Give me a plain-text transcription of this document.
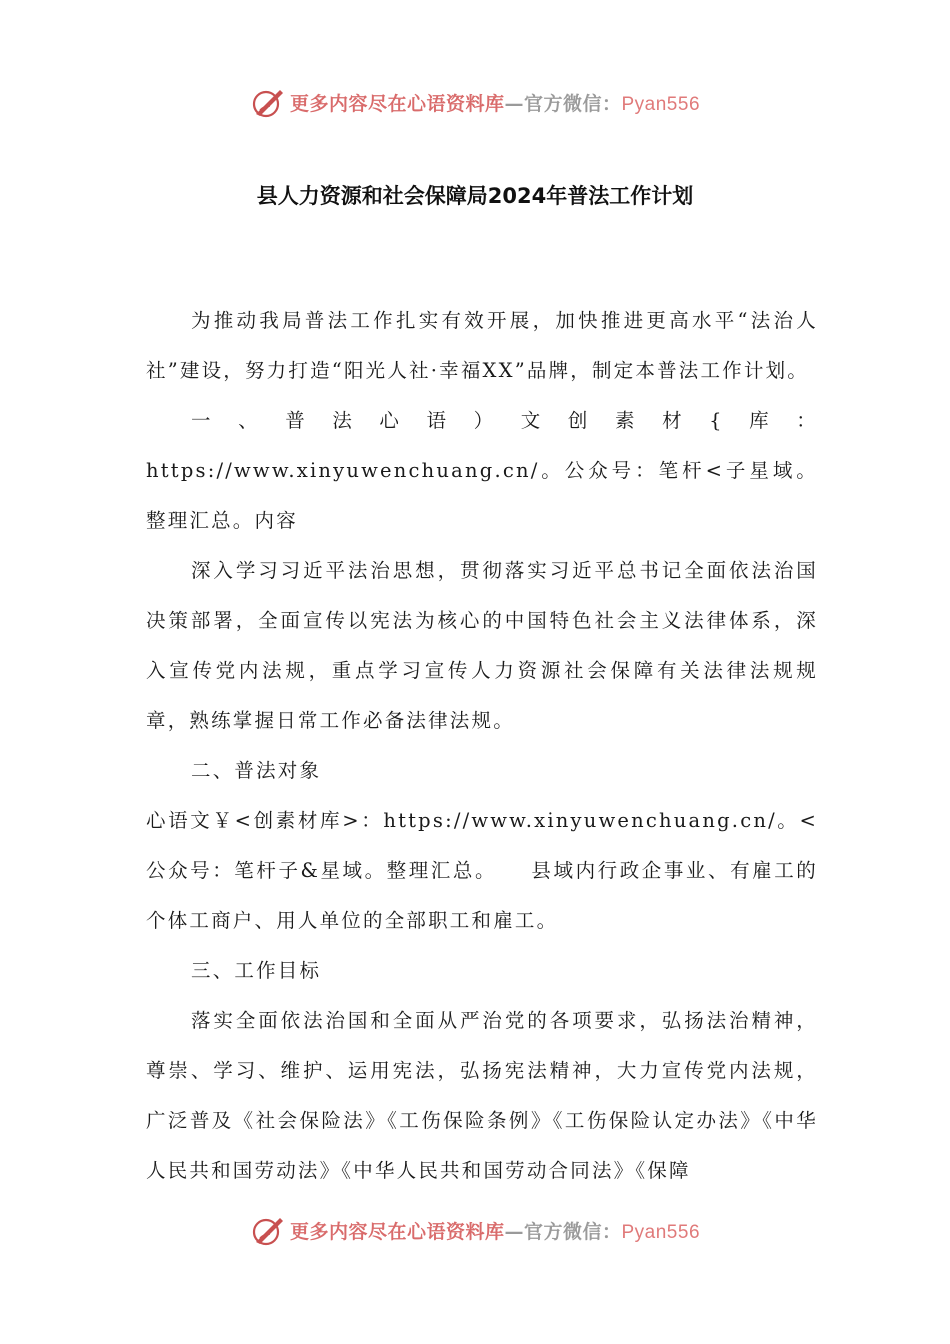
更多内容尽在心语资料库—官方微信：Pyan556
县人力资源和社会保障局2024年普法工作计划

为推动我局普法工作扎实有效开展，加快推进更高水平“法治人社”建设，努力打造“阳光人社·幸福XX”品牌，制定本普法工作计划。

一、普法心语）文创素材{库：https://www.xinyuwenchuang.cn/。公众号：笔杆<子星域。整理汇总。内容

深入学习习近平法治思想，贯彻落实习近平总书记全面依法治国决策部署，全面宣传以宪法为核心的中国特色社会主义法律体系，深入宣传党内法规，重点学习宣传人力资源社会保障有关法律法规规章，熟练掌握日常工作必备法律法规。

二、普法对象

心语文￥<创素材库>：https://www.xinyuwenchuang.cn/。<公众号：笔杆子&星域。整理汇总。　　县域内行政企事业、有雇工的个体工商户、用人单位的全部职工和雇工。

三、工作目标

落实全面依法治国和全面从严治党的各项要求，弘扬法治精神，尊崇、学习、维护、运用宪法，弘扬宪法精神，大力宣传党内法规，广泛普及《社会保险法》《工伤保险条例》《工伤保险认定办法》《中华人民共和国劳动法》《中华人民共和国劳动合同法》《保障

更多内容尽在心语资料库—官方微信：Pyan556
